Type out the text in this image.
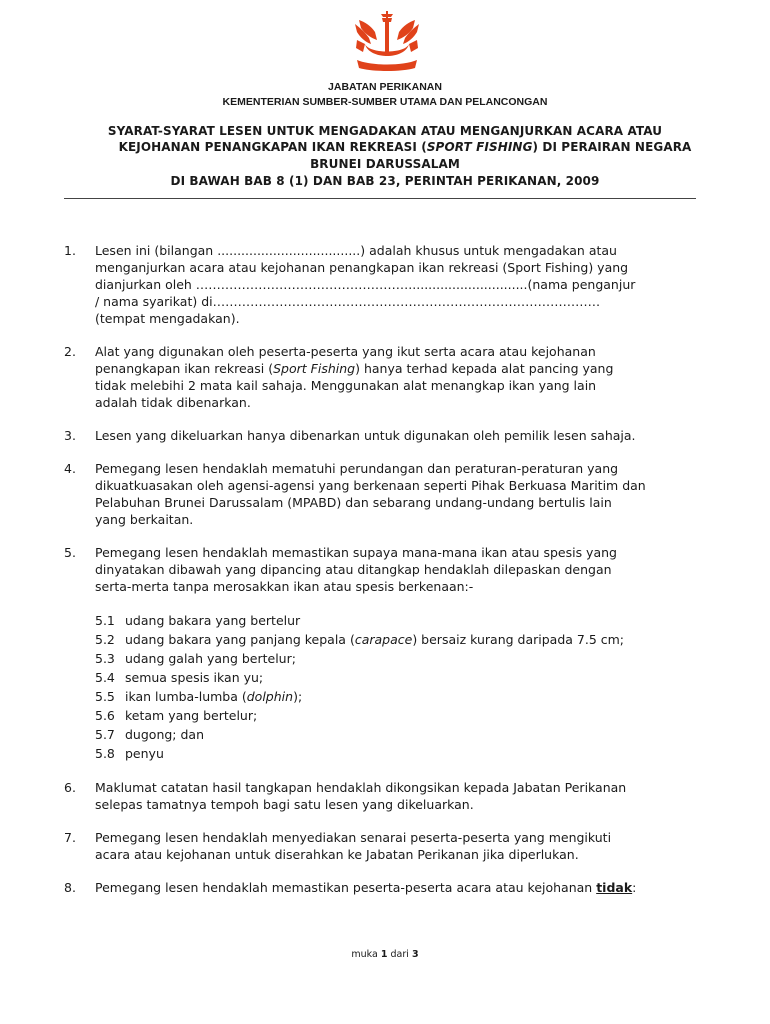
JABATAN PERIKANAN
KEMENTERIAN SUMBER-SUMBER UTAMA DAN PELANCONGAN
SYARAT-SYARAT LESEN UNTUK MENGADAKAN ATAU MENGANJURKAN ACARA ATAU
KEJOHANAN PENANGKAPAN IKAN REKREASI (SPORT FISHING) DI PERAIRAN NEGARA
BRUNEI DARUSSALAM
DI BAWAH BAB 8 (1) DAN BAB 23, PERINTAH PERIKANAN, 2009
1. Lesen ini (bilangan ....................................) adalah khusus untuk mengadakan atau
menganjurkan acara atau kejohanan penangkapan ikan rekreasi (Sport Fishing) yang
dianjurkan oleh ……………………………………………..............................(nama penganjur
/ nama syarikat) di…………………………………………………………………………………
(tempat mengadakan).
2. Alat yang digunakan oleh peserta-peserta yang ikut serta acara atau kejohanan
penangkapan ikan rekreasi (Sport Fishing) hanya terhad kepada alat pancing yang
tidak melebihi 2 mata kail sahaja. Menggunakan alat menangkap ikan yang lain
adalah tidak dibenarkan.
3. Lesen yang dikeluarkan hanya dibenarkan untuk digunakan oleh pemilik lesen sahaja.
4. Pemegang lesen hendaklah mematuhi perundangan dan peraturan-peraturan yang
dikuatkuasakan oleh agensi-agensi yang berkenaan seperti Pihak Berkuasa Maritim dan
Pelabuhan Brunei Darussalam (MPABD) dan sebarang undang-undang bertulis lain
yang berkaitan.
5. Pemegang lesen hendaklah memastikan supaya mana-mana ikan atau spesis yang
dinyatakan dibawah yang dipancing atau ditangkap hendaklah dilepaskan dengan
serta-merta tanpa merosakkan ikan atau spesis berkenaan:-
5.1 udang bakara yang bertelur
5.2 udang bakara yang panjang kepala (carapace) bersaiz kurang daripada 7.5 cm;
5.3 udang galah yang bertelur;
5.4 semua spesis ikan yu;
5.5 ikan lumba-lumba (dolphin);
5.6 ketam yang bertelur;
5.7 dugong; dan
5.8 penyu
6. Maklumat catatan hasil tangkapan hendaklah dikongsikan kepada Jabatan Perikanan
selepas tamatnya tempoh bagi satu lesen yang dikeluarkan.
7. Pemegang lesen hendaklah menyediakan senarai peserta-peserta yang mengikuti
acara atau kejohanan untuk diserahkan ke Jabatan Perikanan jika diperlukan.
8. Pemegang lesen hendaklah memastikan peserta-peserta acara atau kejohanan tidak:
muka 1 dari 3
